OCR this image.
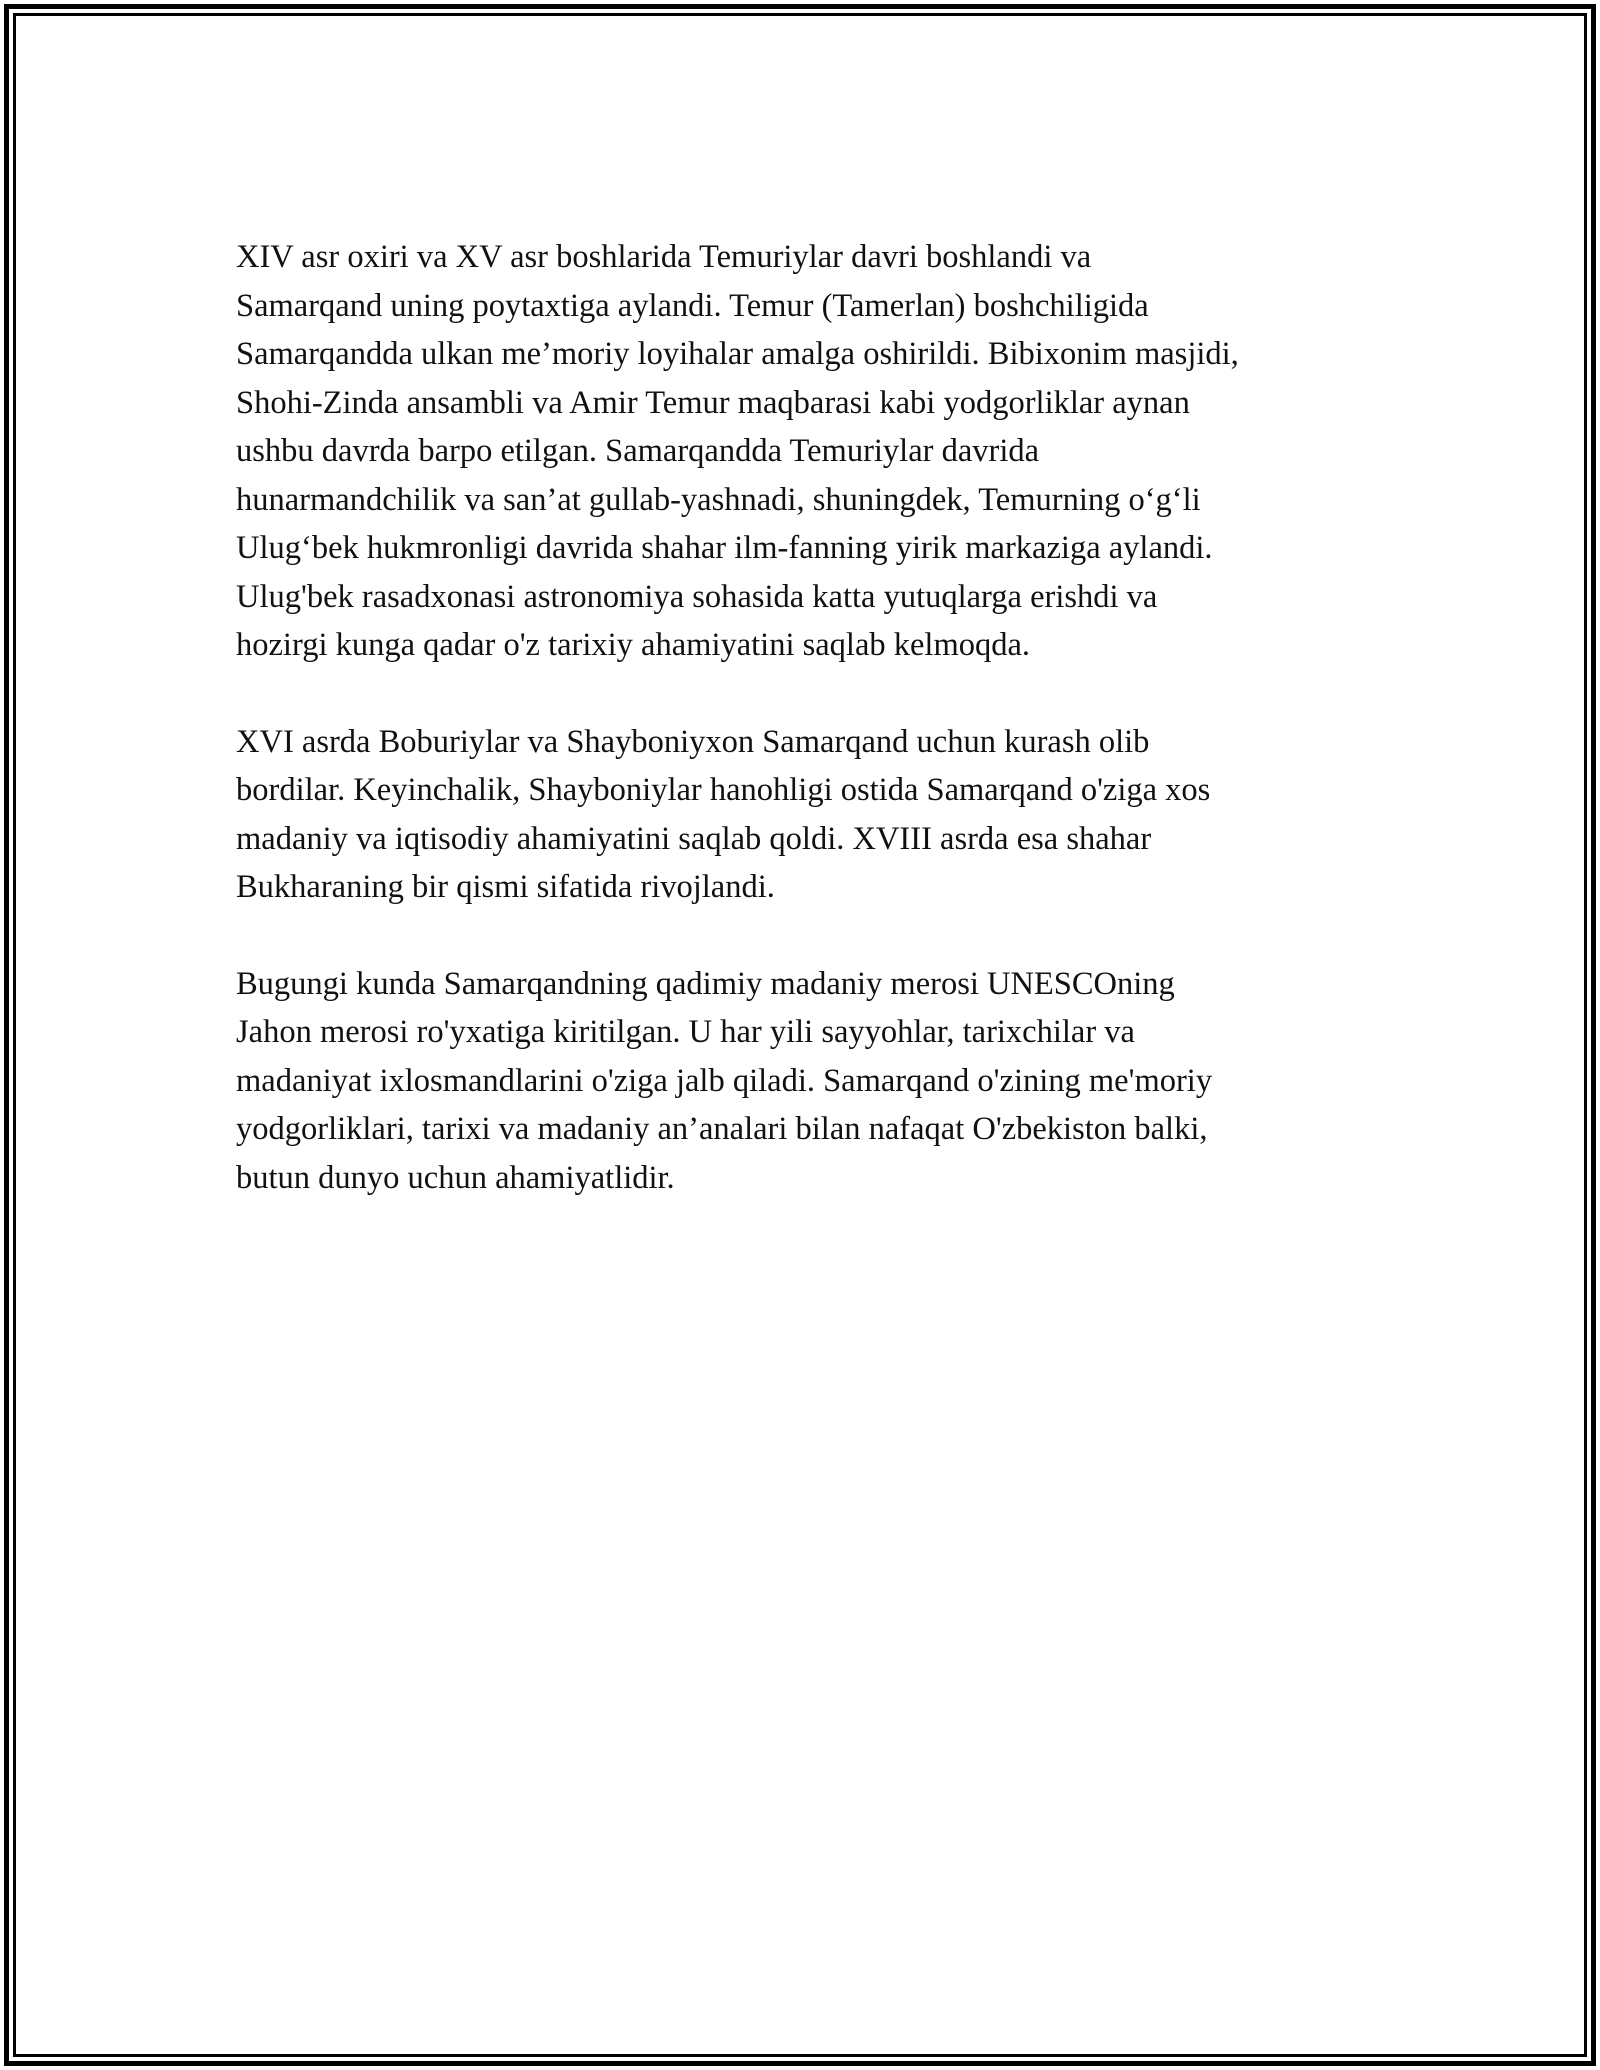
XIV asr oxiri va XV asr boshlarida Temuriylar davri boshlandi va
Samarqand uning poytaxtiga aylandi. Temur (Tamerlan) boshchiligida
Samarqandda ulkan me’moriy loyihalar amalga oshirildi. Bibixonim masjidi,
Shohi-Zinda ansambli va Amir Temur maqbarasi kabi yodgorliklar aynan
ushbu davrda barpo etilgan. Samarqandda Temuriylar davrida
hunarmandchilik va san’at gullab-yashnadi, shuningdek, Temurning o‘g‘li
Ulug‘bek hukmronligi davrida shahar ilm-fanning yirik markaziga aylandi.
Ulug'bek rasadxonasi astronomiya sohasida katta yutuqlarga erishdi va
hozirgi kunga qadar o'z tarixiy ahamiyatini saqlab kelmoqda.

XVI asrda Boburiylar va Shayboniyxon Samarqand uchun kurash olib
bordilar. Keyinchalik, Shayboniylar hanohligi ostida Samarqand o'ziga xos
madaniy va iqtisodiy ahamiyatini saqlab qoldi. XVIII asrda esa shahar
Bukharaning bir qismi sifatida rivojlandi.

Bugungi kunda Samarqandning qadimiy madaniy merosi UNESCOning
Jahon merosi ro'yxatiga kiritilgan. U har yili sayyohlar, tarixchilar va
madaniyat ixlosmandlarini o'ziga jalb qiladi. Samarqand o'zining me'moriy
yodgorliklari, tarixi va madaniy an’analari bilan nafaqat O'zbekiston balki,
butun dunyo uchun ahamiyatlidir.
